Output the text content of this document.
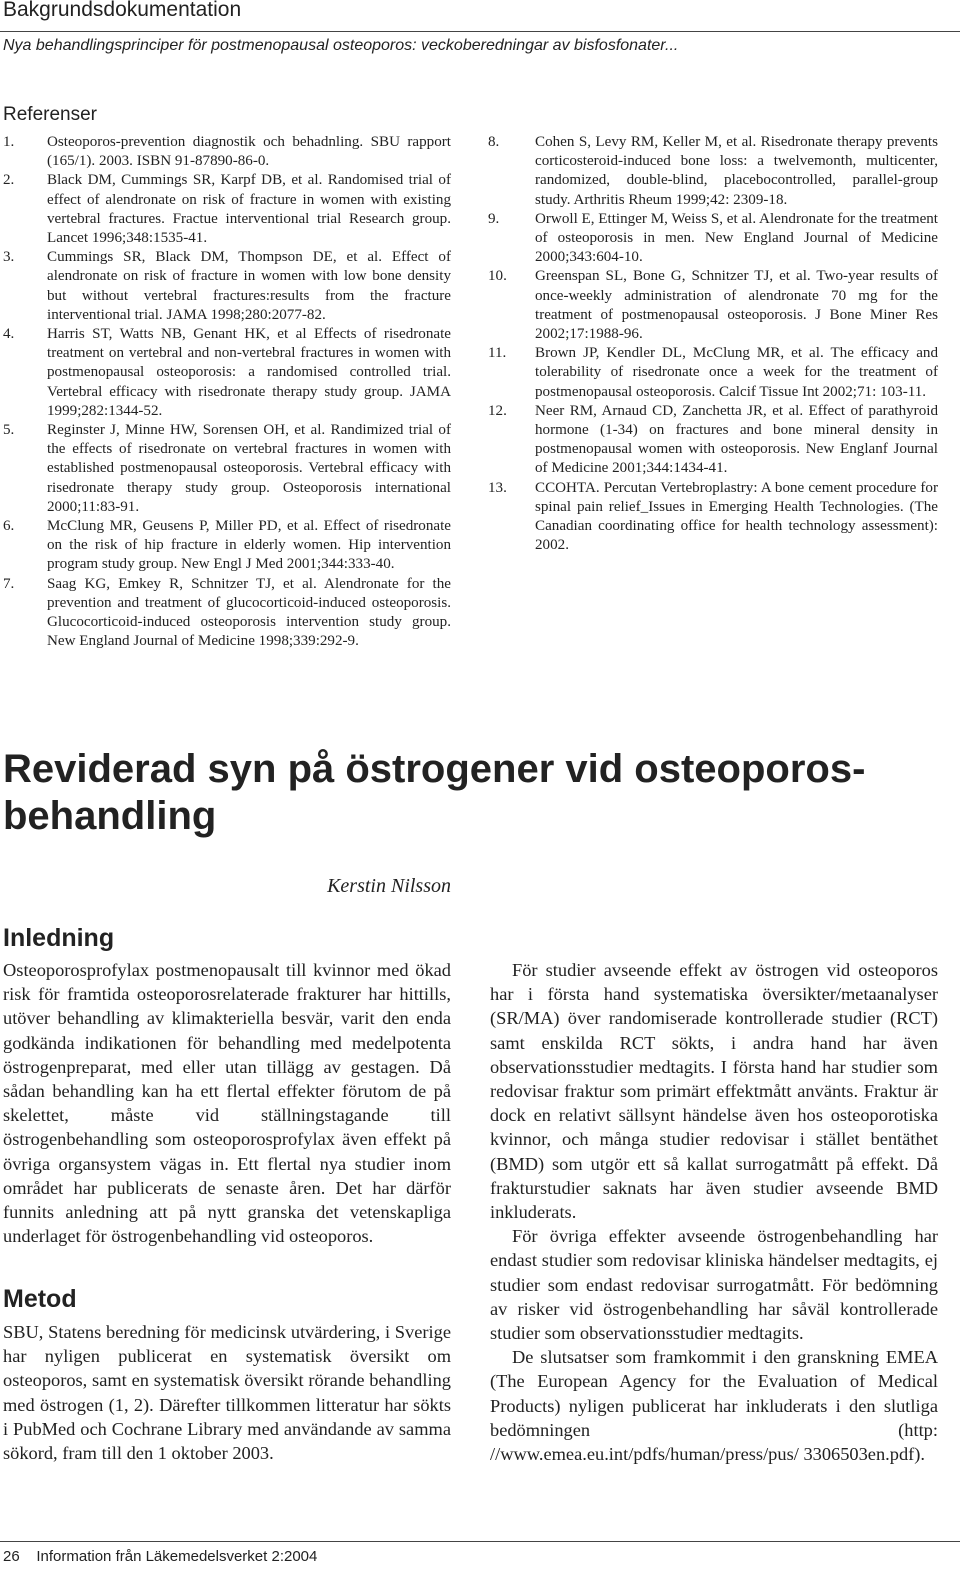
Bakgrundsdokumentation
Nya behandlingsprinciper för postmenopausal osteoporos: veckoberedningar av bisfosfonater...
Referenser

1. Osteoporos-prevention diagnostik och behadnling. SBU rapport (165/1). 2003. ISBN 91-87890-86-0.

2. Black DM, Cummings SR, Karpf DB, et al. Randomised trial of effect of alendronate on risk of fracture in women with existing vertebral fractures. Fractue interventional trial Research group. Lancet 1996;348:1535-41.

3. Cummings SR, Black DM, Thompson DE, et al. Effect of alendronate on risk of fracture in women with low bone density but without vertebral fractures:results from the fracture interventional trial. JAMA 1998;280:2077-82.

4. Harris ST, Watts NB, Genant HK, et al Effects of risedronate treatment on vertebral and non-vertebral fractures in women with postmenopausal osteoporosis: a randomised controlled trial. Vertebral efficacy with risedronate therapy study group. JAMA 1999;282:1344-52.

5. Reginster J, Minne HW, Sorensen OH, et al. Randimized trial of the effects of risedronate on vertebral fractures in women with established postmenopausal osteoporosis. Vertebral efficacy with risedronate therapy study group. Osteoporosis international 2000;11:83-91.

6. McClung MR, Geusens P, Miller PD, et al. Effect of risedronate on the risk of hip fracture in elderly women. Hip intervention program study group. New Engl J Med 2001;344:333-40.

7. Saag KG, Emkey R, Schnitzer TJ, et al. Alendronate for the prevention and treatment of glucocorticoid-induced osteoporosis. Glucocorticoid-induced osteoporosis intervention study group. New England Journal of Medicine 1998;339:292-9.

8. Cohen S, Levy RM, Keller M, et al. Risedronate therapy prevents corticosteroid-induced bone loss: a twelvemonth, multicenter, randomized, double-blind, placebocontrolled, parallel-group study. Arthritis Rheum 1999;42: 2309-18.

9. Orwoll E, Ettinger M, Weiss S, et al. Alendronate for the treatment of osteoporosis in men. New England Journal of Medicine 2000;343:604-10.

10. Greenspan SL, Bone G, Schnitzer TJ, et al. Two-year results of once-weekly administration of alendronate 70 mg for the treatment of postmenopausal osteoporosis. J Bone Miner Res 2002;17:1988-96.

11. Brown JP, Kendler DL, McClung MR, et al. The efficacy and tolerability of risedronate once a week for the treatment of postmenopausal osteoporosis. Calcif Tissue Int 2002;71: 103-11.

12. Neer RM, Arnaud CD, Zanchetta JR, et al. Effect of parathyroid hormone (1-34) on fractures and bone mineral density in postmenopausal women with osteoporosis. New Englanf Journal of Medicine 2001;344:1434-41.

13. CCOHTA. Percutan Vertebroplastry: A bone cement procedure for spinal pain relief_Issues in Emerging Health Technologies. (The Canadian coordinating office for health technology assessment): 2002.

Reviderad syn på östrogener vid osteoporos-behandling
Kerstin Nilsson
Inledning

Osteoporosprofylax postmenopausalt till kvinnor med ökad risk för framtida osteoporosrelaterade frakturer har hittills, utöver behandling av klimakteriella besvär, varit den enda godkända indikationen för behandling med medelpotenta östrogenpreparat, med eller utan tillägg av gestagen. Då sådan behandling kan ha ett flertal effekter förutom de på skelettet, måste vid ställningstagande till östrogenbehandling som osteoporosprofylax även effekt på övriga organsystem vägas in. Ett flertal nya studier inom området har publicerats de senaste åren. Det har därför funnits anledning att på nytt granska det vetenskapliga underlaget för östrogenbehandling vid osteoporos.

Metod

SBU, Statens beredning för medicinsk utvärdering, i Sverige har nyligen publicerat en systematisk översikt om osteoporos, samt en systematisk översikt rörande behandling med östrogen (1, 2). Därefter tillkommen litteratur har sökts i PubMed och Cochrane Library med användande av samma sökord, fram till den 1 oktober 2003.

För studier avseende effekt av östrogen vid osteoporos har i första hand systematiska översikter/metaanalyser (SR/MA) över randomiserade kontrollerade studier (RCT) samt enskilda RCT sökts, i andra hand har även observationsstudier medtagits. I första hand har studier som redovisar fraktur som primärt effektmått använts. Fraktur är dock en relativt sällsynt händelse även hos osteoporotiska kvinnor, och många studier redovisar i stället bentäthet (BMD) som utgör ett så kallat surrogatmått på effekt. Då frakturstudier saknats har även studier avseende BMD inkluderats.

För övriga effekter avseende östrogenbehandling har endast studier som redovisar kliniska händelser medtagits, ej studier som endast redovisar surrogatmått. För bedömning av risker vid östrogenbehandling har såväl kontrollerade studier som observationsstudier medtagits.

De slutsatser som framkommit i den granskning EMEA (The European Agency for the Evaluation of Medical Products) nyligen publicerat har inkluderats i den slutliga bedömningen (http: //www.emea.eu.int/pdfs/human/press/pus/ 3306503en.pdf).

26 Information från Läkemedelsverket 2:2004
